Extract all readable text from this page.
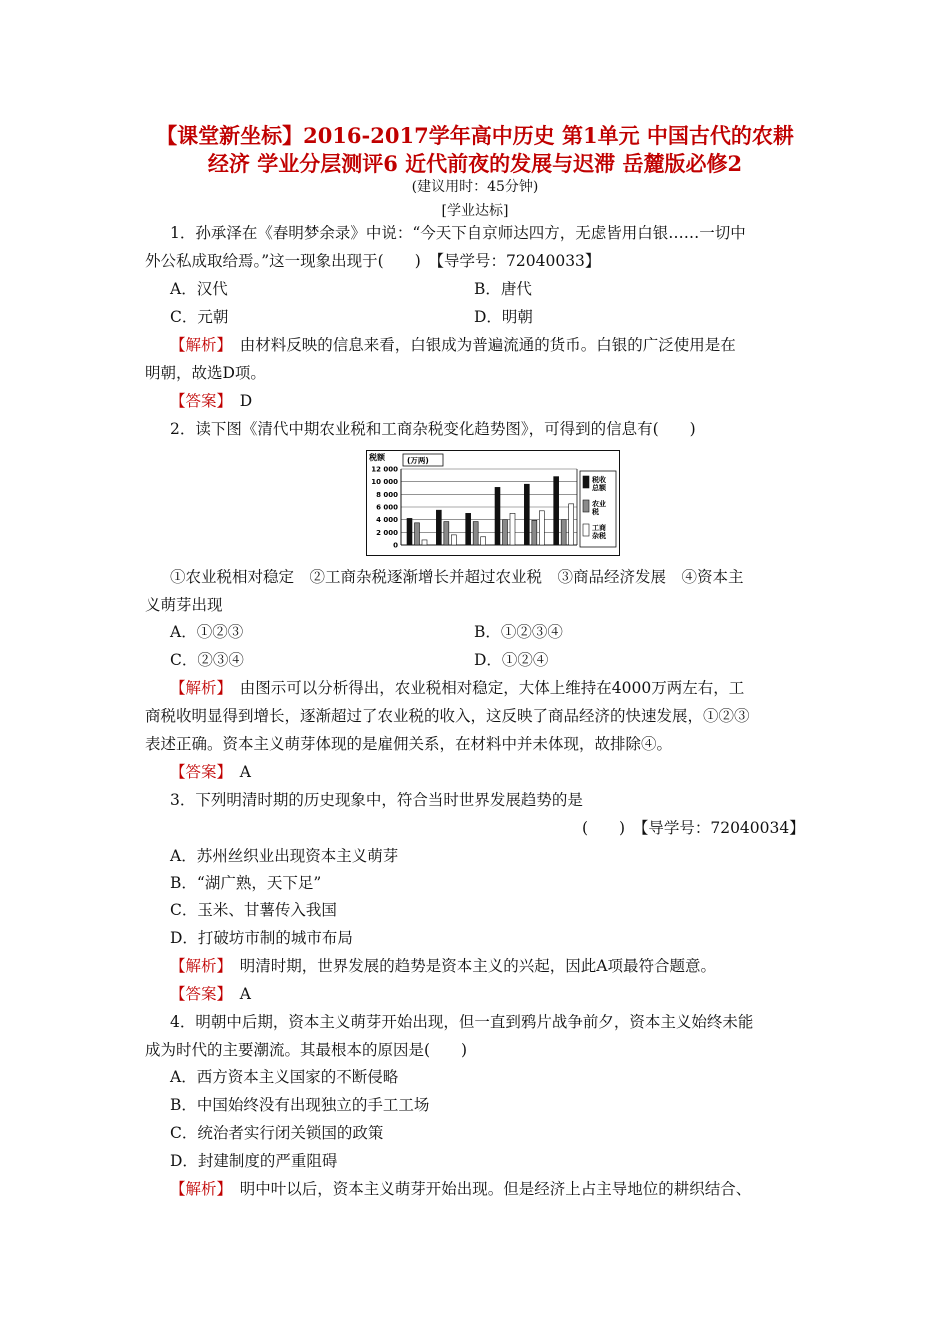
【课堂新坐标】2016-2017学年高中历史 第1单元 中国古代的农耕
经济 学业分层测评6 近代前夜的发展与迟滞 岳麓版必修2
(建议用时：45分钟)
[学业达标]
1．孙承泽在《春明梦余录》中说：“今天下自京师达四方，无虑皆用白银……一切中
外公私成取给焉。”这一现象出现于(　　)　【导学号：72040033】
A．汉代	B．唐代
C．元朝	D．明朝
【解析】　 由材料反映的信息来看，白银成为普遍流通的货币。白银的广泛使用是在
明朝，故选D项。
【答案】　 D
2．读下图《清代中期农业税和工商杂税变化趋势图》，可得到的信息有(　　)
税额	(万两)
0
2 000
4 000
6 000
8 000
10 000
12 000
税收总额
农业税
工商杂税
①农业税相对稳定　②工商杂税逐渐增长并超过农业税　③商品经济发展　④资本主
义萌芽出现
A．①②③	B．①②③④
C．②③④	D．①②④
【解析】　 由图示可以分析得出，农业税相对稳定，大体上维持在4000万两左右，工
商税收明显得到增长，逐渐超过了农业税的收入，这反映了商品经济的快速发展，①②③
表述正确。资本主义萌芽体现的是雇佣关系，在材料中并未体现，故排除④。
【答案】　 A
3．下列明清时期的历史现象中，符合当时世界发展趋势的是
(　　)　【导学号：72040034】
A．苏州丝织业出现资本主义萌芽
B．“湖广熟，天下足”
C．玉米、甘薯传入我国
D．打破坊市制的城市布局
【解析】　 明清时期，世界发展的趋势是资本主义的兴起，因此A项最符合题意。
【答案】　 A
4．明朝中后期，资本主义萌芽开始出现，但一直到鸦片战争前夕，资本主义始终未能
成为时代的主要潮流。其最根本的原因是(　　)
A．西方资本主义国家的不断侵略
B．中国始终没有出现独立的手工工场
C．统治者实行闭关锁国的政策
D．封建制度的严重阻碍
【解析】　 明中叶以后，资本主义萌芽开始出现。但是经济上占主导地位的耕织结合、
